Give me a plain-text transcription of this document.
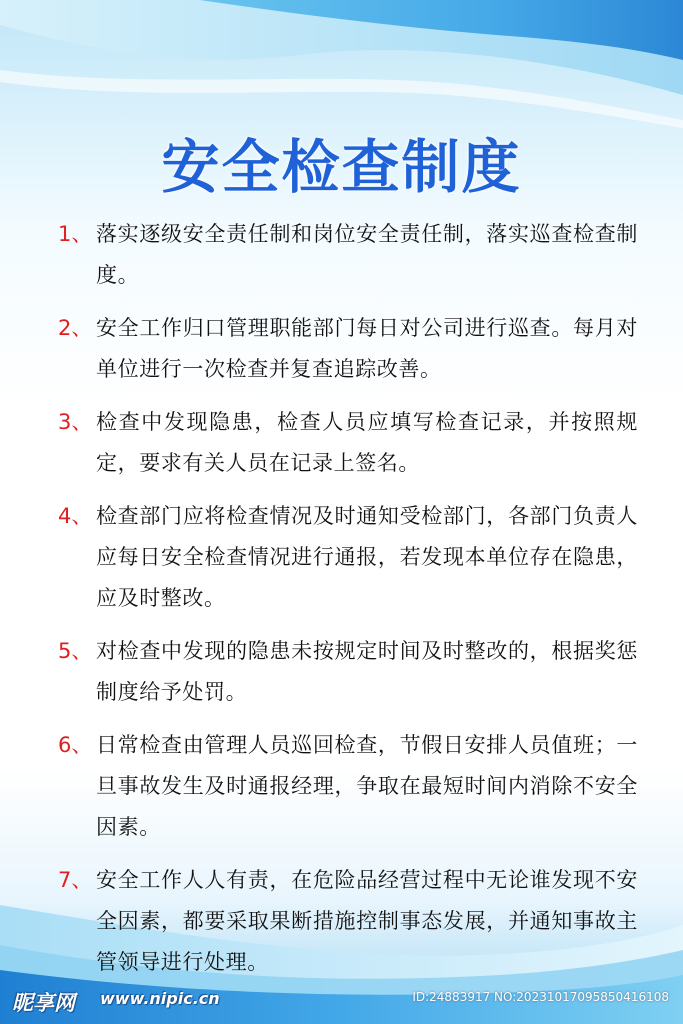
安全检查制度
1、 落实逐级安全责任制和岗位安全责任制，落实巡查检查制度。
2、 安全工作归口管理职能部门每日对公司进行巡查。每月对单位进行一次检查并复查追踪改善。
3、 检查中发现隐患，检查人员应填写检查记录，并按照规定，要求有关人员在记录上签名。
4、 检查部门应将检查情况及时通知受检部门，各部门负责人应每日安全检查情况进行通报，若发现本单位存在隐患，应及时整改。
5、 对检查中发现的隐患未按规定时间及时整改的，根据奖惩制度给予处罚。
6、 日常检查由管理人员巡回检查，节假日安排人员值班；一旦事故发生及时通报经理，争取在最短时间内消除不安全因素。
7、 安全工作人人有责，在危险品经营过程中无论谁发现不安全因素，都要采取果断措施控制事态发展，并通知事故主管领导进行处理。
昵享网 www.nipic.cn	ID:24883917 NO:20231017095850416108
